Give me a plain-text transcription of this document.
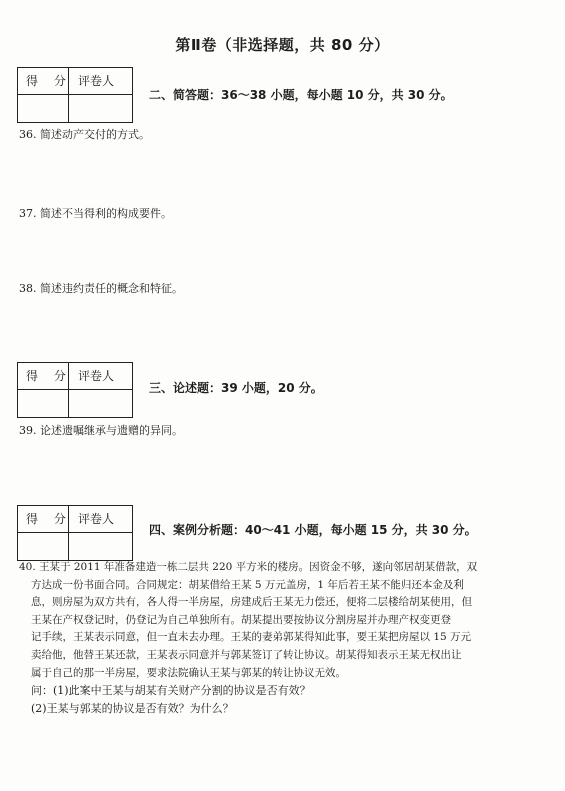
第Ⅱ卷（非选择题，共 80 分）
得 分 评卷人
二、简答题：36～38 小题，每小题 10 分，共 30 分。
36. 简述动产交付的方式。
37. 简述不当得利的构成要件。
38. 简述违约责任的概念和特征。
得 分 评卷人
三、论述题：39 小题，20 分。
39. 论述遗嘱继承与遗赠的异同。
得 分 评卷人
四、案例分析题：40～41 小题，每小题 15 分，共 30 分。
40. 王某于 2011 年准备建造一栋二层共 220 平方米的楼房。因资金不够，遂向邻居胡某借款，双
方达成一份书面合同。合同规定：胡某借给王某 5 万元盖房，1 年后若王某不能归还本金及利
息，则房屋为双方共有，各人得一半房屋，房建成后王某无力偿还，便将二层楼给胡某使用，但
王某在产权登记时，仍登记为自己单独所有。胡某提出要按协议分割房屋并办理产权变更登
记手续，王某表示同意，但一直未去办理。王某的妻弟郭某得知此事，要王某把房屋以 15 万元
卖给他，他替王某还款，王某表示同意并与郭某签订了转让协议。胡某得知表示王某无权出让
属于自己的那一半房屋，要求法院确认王某与郭某的转让协议无效。
问：(1)此案中王某与胡某有关财产分割的协议是否有效？
(2)王某与郭某的协议是否有效？为什么？
